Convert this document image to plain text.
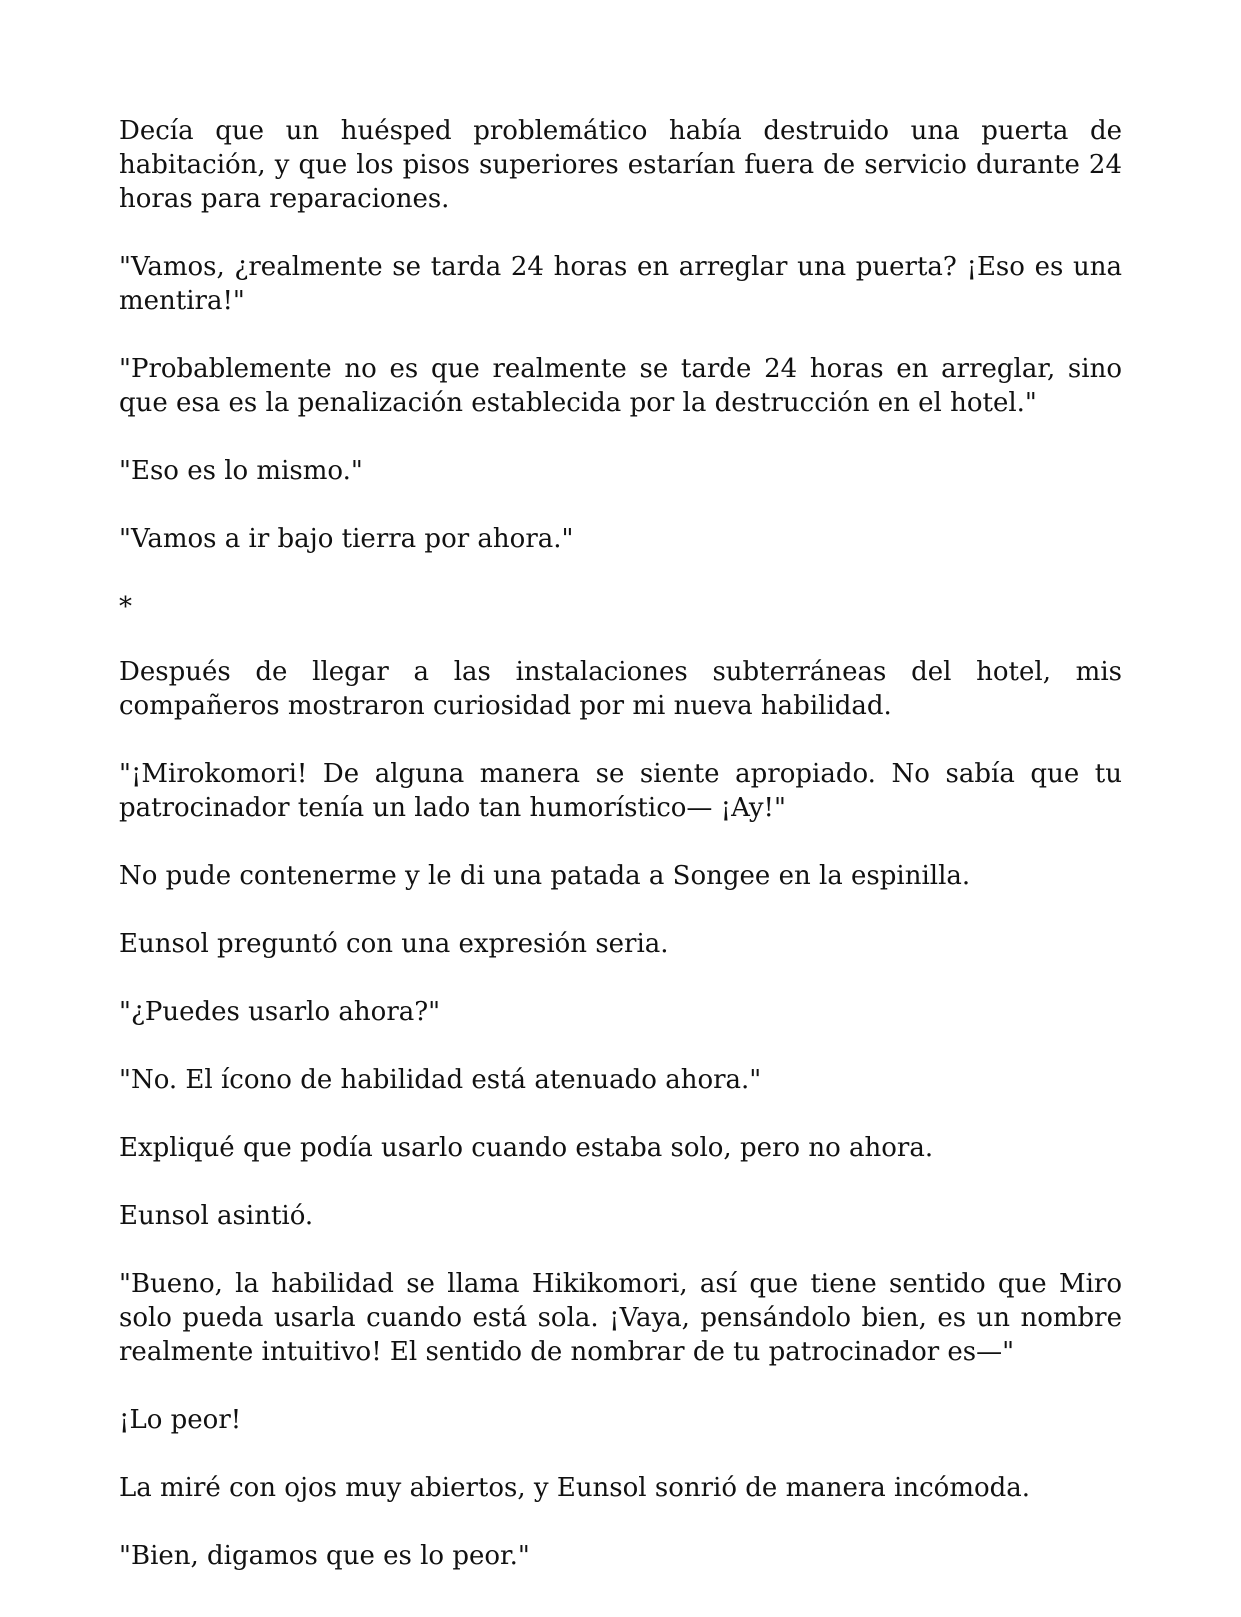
Decía que un huésped problemático había destruido una puerta de habitación, y que los pisos superiores estarían fuera de servicio durante 24 horas para reparaciones.

"Vamos, ¿realmente se tarda 24 horas en arreglar una puerta? ¡Eso es una mentira!"

"Probablemente no es que realmente se tarde 24 horas en arreglar, sino que esa es la penalización establecida por la destrucción en el hotel."

"Eso es lo mismo."

"Vamos a ir bajo tierra por ahora."

*

Después de llegar a las instalaciones subterráneas del hotel, mis compañeros mostraron curiosidad por mi nueva habilidad.

"¡Mirokomori! De alguna manera se siente apropiado. No sabía que tu patrocinador tenía un lado tan humorístico— ¡Ay!"

No pude contenerme y le di una patada a Songee en la espinilla.

Eunsol preguntó con una expresión seria.

"¿Puedes usarlo ahora?"

"No. El ícono de habilidad está atenuado ahora."

Expliqué que podía usarlo cuando estaba solo, pero no ahora.

Eunsol asintió.

"Bueno, la habilidad se llama Hikikomori, así que tiene sentido que Miro solo pueda usarla cuando está sola. ¡Vaya, pensándolo bien, es un nombre realmente intuitivo! El sentido de nombrar de tu patrocinador es—"

¡Lo peor!

La miré con ojos muy abiertos, y Eunsol sonrió de manera incómoda.

"Bien, digamos que es lo peor."
